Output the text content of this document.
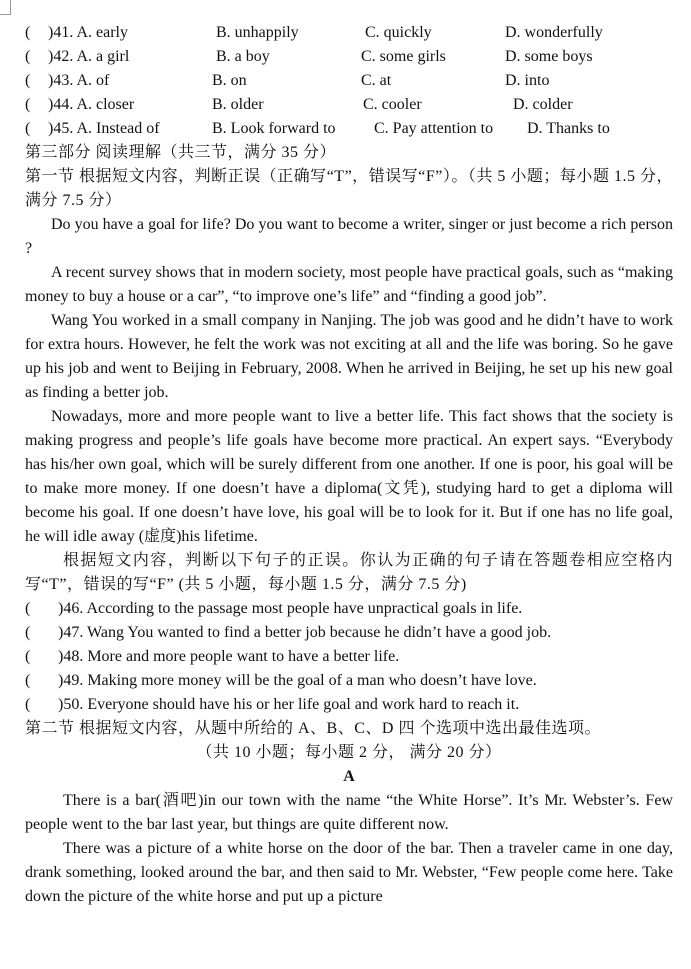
( )41. A. early	B. unhappily	C. quickly	D. wonderfully
( )42. A. a girl	B. a boy	C. some girls	D. some boys
( )43. A. of	B. on	C. at	D. into
( )44. A. closer	B. older	C. cooler	D. colder
( )45. A. Instead of	B. Look forward to C. Pay attention to D. Thanks to

第三部分 阅读理解（共三节，满分 35 分）

第一节 根据短文内容，判断正误（正确写“T”，错误写“F”）。（共 5 小题；每小题 1.5 分，满分 7.5 分）

Do you have a goal for life? Do you want to become a writer, singer or just become a rich person ?

A recent survey shows that in modern society, most people have practical goals, such as “making money to buy a house or a car”, “to improve one’s life” and “finding a good job”.

Wang You worked in a small company in Nanjing. The job was good and he didn’t have to work for extra hours. However, he felt the work was not exciting at all and the life was boring. So he gave up his job and went to Beijing in February, 2008. When he arrived in Beijing, he set up his new goal as finding a better job.

Nowadays, more and more people want to live a better life. This fact shows that the society is making progress and people’s life goals have become more practical. An expert says. “Everybody has his/her own goal, which will be surely different from one another. If one is poor, his goal will be to make more money. If one doesn’t have a diploma(文凭), studying hard to get a diploma will become his goal. If one doesn’t have love, his goal will be to look for it. But if one has no life goal, he will idle away (虚度)his lifetime.

根据短文内容，判断以下句子的正误。你认为正确的句子请在答题卷相应空格内写“T”，错误的写“F” (共 5 小题，每小题 1.5 分，满分 7.5 分)

( )46. According to the passage most people have unpractical goals in life.
( )47. Wang You wanted to find a better job because he didn’t have a good job.
( )48. More and more people want to have a better life.
( )49. Making more money will be the goal of a man who doesn’t have love.
( )50. Everyone should have his or her life goal and work hard to reach it.

第二节 根据短文内容，从题中所给的 A、B、C、D 四 个选项中选出最佳选项。

（共 10 小题；每小题 2 分， 满分 20 分）

A

There is a bar(酒吧)in our town with the name “the White Horse”. It’s Mr. Webster’s. Few people went to the bar last year, but things are quite different now.

There was a picture of a white horse on the door of the bar. Then a traveler came in one day, drank something, looked around the bar, and then said to Mr. Webster, “Few people come here. Take down the picture of the white horse and put up a picture
